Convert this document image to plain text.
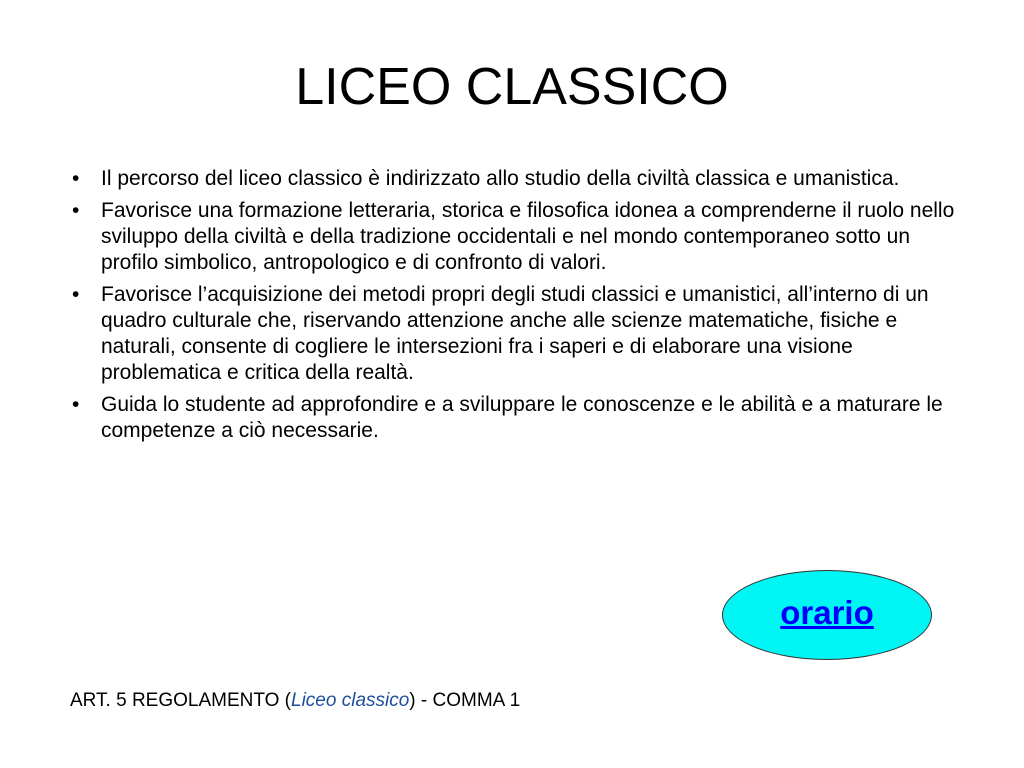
LICEO CLASSICO
• Il percorso del liceo classico è indirizzato allo studio della civiltà classica e umanistica.
• Favorisce una formazione letteraria, storica e filosofica idonea a comprenderne il ruolo nello sviluppo della civiltà e della tradizione occidentali e nel mondo contemporaneo sotto un profilo simbolico, antropologico e di confronto di valori.
• Favorisce l’acquisizione dei metodi propri degli studi classici e umanistici, all’interno di un quadro culturale che, riservando attenzione anche alle scienze matematiche, fisiche e naturali, consente di cogliere le intersezioni fra i saperi e di elaborare una visione problematica e critica della realtà.
• Guida lo studente ad approfondire e a sviluppare le conoscenze e le abilità e a maturare le competenze a ciò necessarie.
orario
ART. 5 REGOLAMENTO (Liceo classico) - COMMA 1
